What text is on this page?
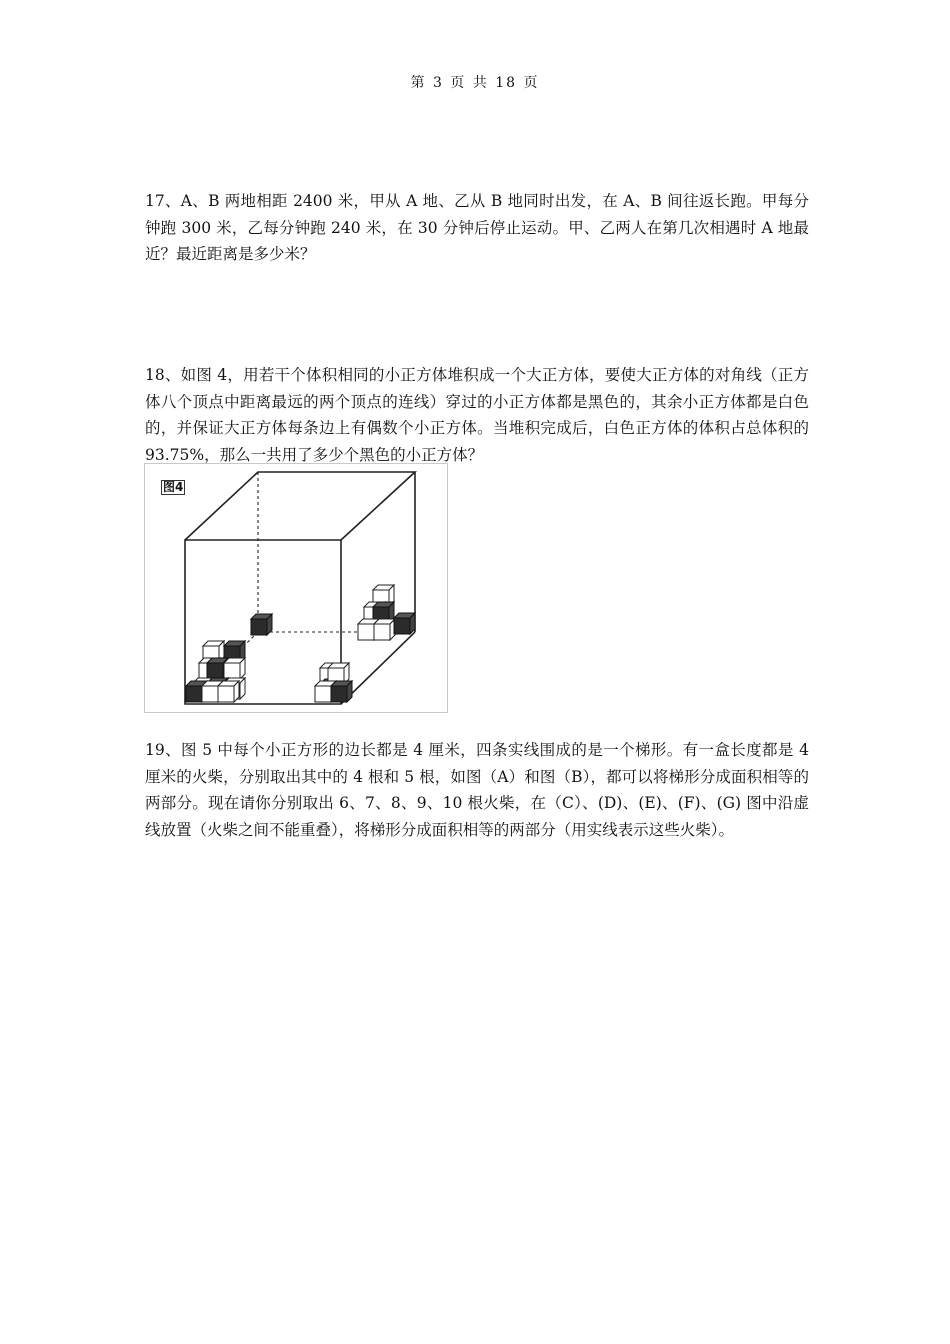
第 3 页 共 18 页
17、A、B 两地相距 2400 米，甲从 A 地、乙从 B 地同时出发，在 A、B 间往返长跑。甲每分钟跑 300 米，乙每分钟跑 240 米，在 30 分钟后停止运动。甲、乙两人在第几次相遇时 A 地最近？最近距离是多少米？
18、如图 4，用若干个体积相同的小正方体堆积成一个大正方体，要使大正方体的对角线（正方体八个顶点中距离最远的两个顶点的连线）穿过的小正方体都是黑色的，其余小正方体都是白色的，并保证大正方体每条边上有偶数个小正方体。当堆积完成后，白色正方体的体积占总体积的 93.75%，那么一共用了多少个黑色的小正方体？
图4
19、图 5 中每个小正方形的边长都是 4 厘米，四条实线围成的是一个梯形。有一盒长度都是 4 厘米的火柴，分别取出其中的 4 根和 5 根，如图（A）和图（B），都可以将梯形分成面积相等的两部分。现在请你分别取出 6、7、8、9、10 根火柴，在（C）、(D)、(E)、(F)、(G) 图中沿虚线放置（火柴之间不能重叠），将梯形分成面积相等的两部分（用实线表示这些火柴）。
